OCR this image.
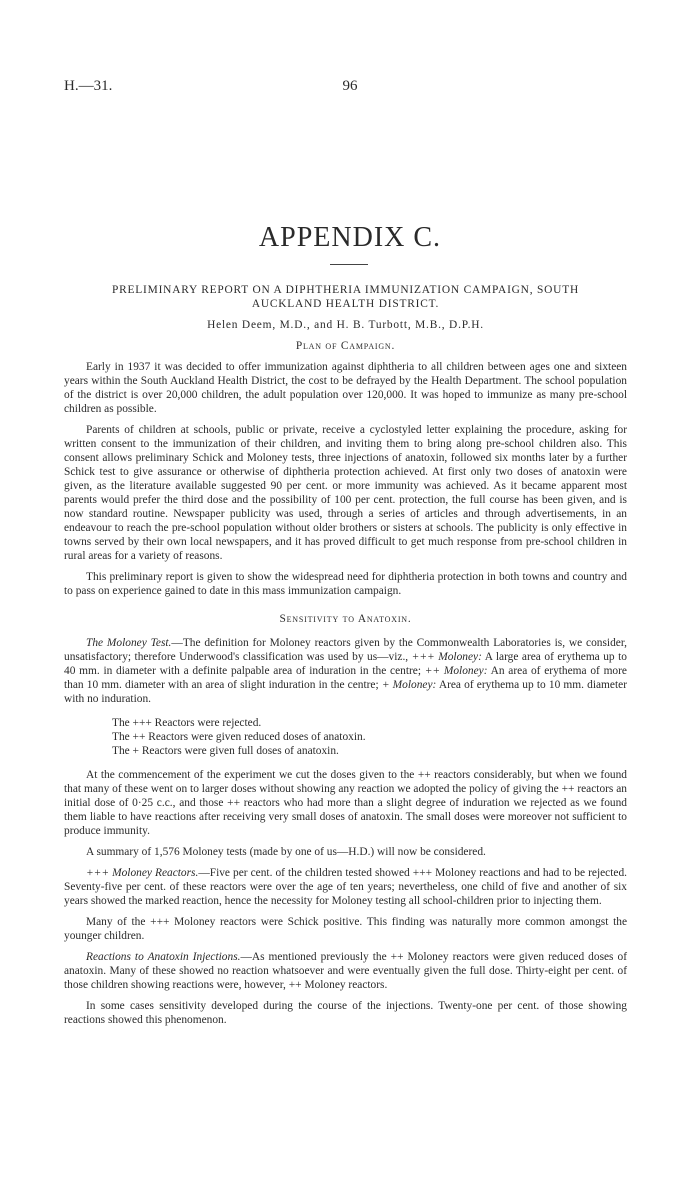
H.—31.	96
APPENDIX C.
PRELIMINARY REPORT ON A DIPHTHERIA IMMUNIZATION CAMPAIGN, SOUTH AUCKLAND HEALTH DISTRICT.
Helen Deem, M.D., and H. B. Turbott, M.B., D.P.H.
Plan of Campaign.

Early in 1937 it was decided to offer immunization against diphtheria to all children between ages one and sixteen years within the South Auckland Health District, the cost to be defrayed by the Health Department. The school population of the district is over 20,000 children, the adult population over 120,000. It was hoped to immunize as many pre-school children as possible.

Parents of children at schools, public or private, receive a cyclostyled letter explaining the procedure, asking for written consent to the immunization of their children, and inviting them to bring along pre-school children also. This consent allows preliminary Schick and Moloney tests, three injections of anatoxin, followed six months later by a further Schick test to give assurance or otherwise of diphtheria protection achieved. At first only two doses of anatoxin were given, as the literature available suggested 90 per cent. or more immunity was achieved. As it became apparent most parents would prefer the third dose and the possibility of 100 per cent. protection, the full course has been given, and is now standard routine. Newspaper publicity was used, through a series of articles and through advertisements, in an endeavour to reach the pre-school population without older brothers or sisters at schools. The publicity is only effective in towns served by their own local newspapers, and it has proved difficult to get much response from pre-school children in rural areas for a variety of reasons.

This preliminary report is given to show the widespread need for diphtheria protection in both towns and country and to pass on experience gained to date in this mass immunization campaign.

Sensitivity to Anatoxin.

The Moloney Test.—The definition for Moloney reactors given by the Commonwealth Laboratories is, we consider, unsatisfactory; therefore Underwood's classification was used by us—viz., +++ Moloney: A large area of erythema up to 40 mm. in diameter with a definite palpable area of induration in the centre; ++ Moloney: An area of erythema of more than 10 mm. diameter with an area of slight induration in the centre; + Moloney: Area of erythema up to 10 mm. diameter with no induration.

The +++ Reactors were rejected.
The ++ Reactors were given reduced doses of anatoxin.
The + Reactors were given full doses of anatoxin.

At the commencement of the experiment we cut the doses given to the ++ reactors considerably, but when we found that many of these went on to larger doses without showing any reaction we adopted the policy of giving the ++ reactors an initial dose of 0·25 c.c., and those ++ reactors who had more than a slight degree of induration we rejected as we found them liable to have reactions after receiving very small doses of anatoxin. The small doses were moreover not sufficient to produce immunity.

A summary of 1,576 Moloney tests (made by one of us—H.D.) will now be considered.

+++ Moloney Reactors.—Five per cent. of the children tested showed +++ Moloney reactions and had to be rejected. Seventy-five per cent. of these reactors were over the age of ten years; nevertheless, one child of five and another of six years showed the marked reaction, hence the necessity for Moloney testing all school-children prior to injecting them.

Many of the +++ Moloney reactors were Schick positive. This finding was naturally more common amongst the younger children.

Reactions to Anatoxin Injections.—As mentioned previously the ++ Moloney reactors were given reduced doses of anatoxin. Many of these showed no reaction whatsoever and were eventually given the full dose. Thirty-eight per cent. of those children showing reactions were, however, ++ Moloney reactors.

In some cases sensitivity developed during the course of the injections. Twenty-one per cent. of those showing reactions showed this phenomenon.
